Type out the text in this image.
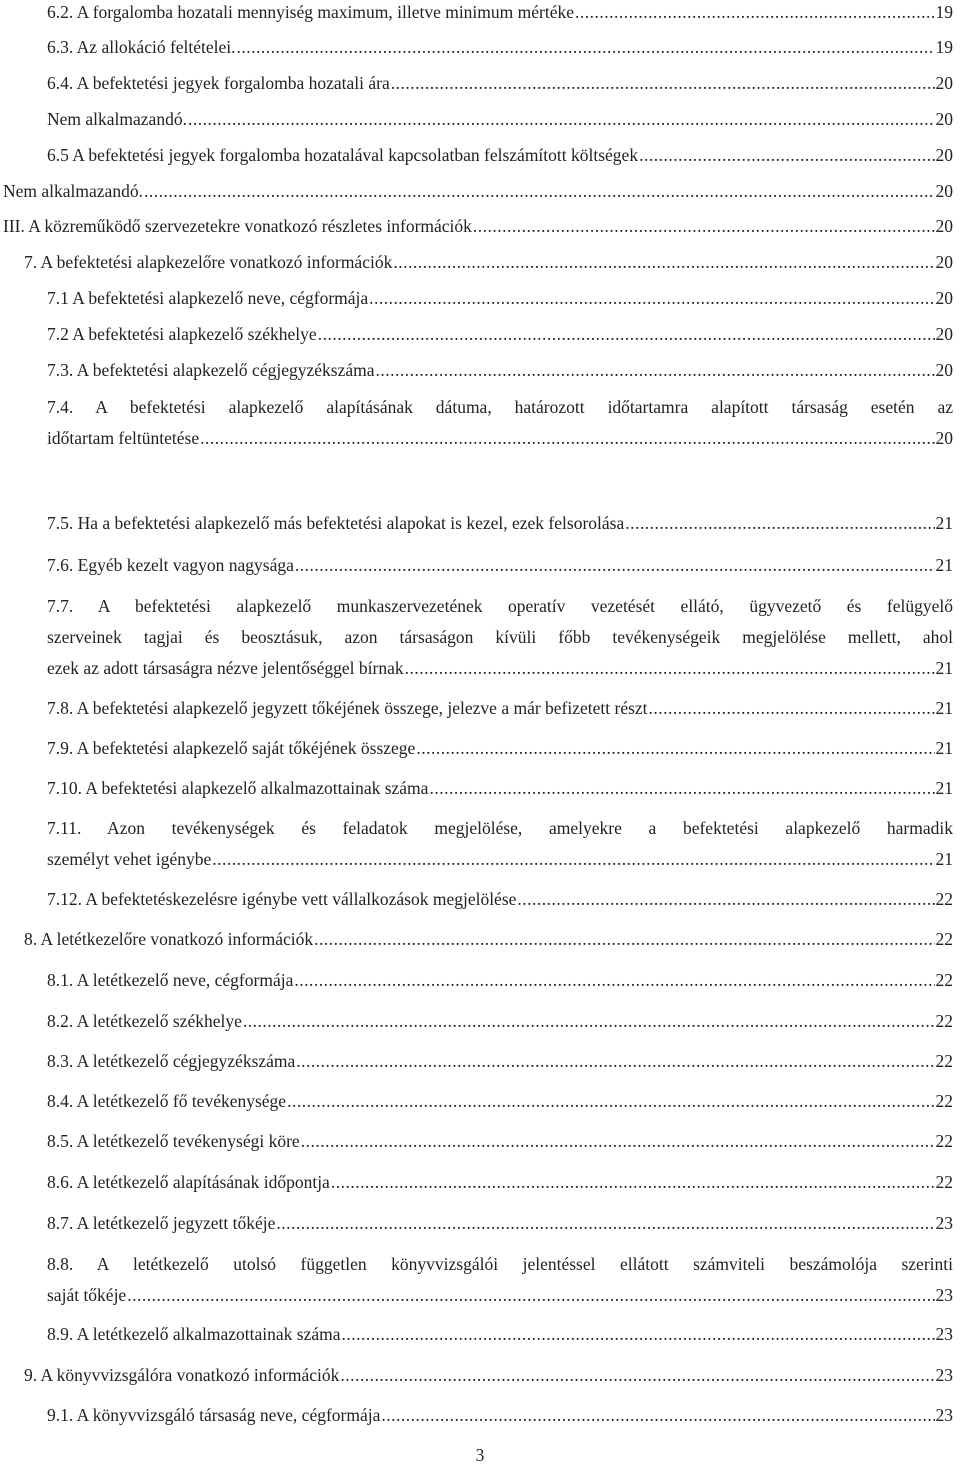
6.2. A forgalomba hozatali mennyiség maximum, illetve minimum mértéke .....	19
6.3. Az allokáció feltételei. .....	19
6.4. A befektetési jegyek forgalomba hozatali ára .....	20
Nem alkalmazandó. .....	20
6.5 A befektetési jegyek forgalomba hozatalával kapcsolatban felszámított költségek .....	20
Nem alkalmazandó. .....	20
III. A közreműködő szervezetekre vonatkozó részletes információk .....	20
7. A befektetési alapkezelőre vonatkozó információk .....	20
7.1 A befektetési alapkezelő neve, cégformája .....	20
7.2 A befektetési alapkezelő székhelye .....	20
7.3. A befektetési alapkezelő cégjegyzékszáma .....	20
7.4. A befektetési alapkezelő alapításának dátuma, határozott időtartamra alapított társaság esetén az
időtartam feltüntetése .....	20
7.5. Ha a befektetési alapkezelő más befektetési alapokat is kezel, ezek felsorolása .....	21
7.6. Egyéb kezelt vagyon nagysága .....	21
7.7. A befektetési alapkezelő munkaszervezetének operatív vezetését ellátó, ügyvezető és felügyelő
szerveinek tagjai és beosztásuk, azon társaságon kívüli főbb tevékenységeik megjelölése mellett, ahol
ezek az adott társaságra nézve jelentőséggel bírnak .....	21
7.8. A befektetési alapkezelő jegyzett tőkéjének összege, jelezve a már befizetett részt .....	21
7.9. A befektetési alapkezelő saját tőkéjének összege .....	21
7.10. A befektetési alapkezelő alkalmazottainak száma .....	21
7.11. Azon tevékenységek és feladatok megjelölése, amelyekre a befektetési alapkezelő harmadik
személyt vehet igénybe .....	21
7.12. A befektetéskezelésre igénybe vett vállalkozások megjelölése .....	22
8. A letétkezelőre vonatkozó információk .....	22
8.1. A letétkezelő neve, cégformája .....	22
8.2. A letétkezelő székhelye .....	22
8.3. A letétkezelő cégjegyzékszáma .....	22
8.4. A letétkezelő fő tevékenysége .....	22
8.5. A letétkezelő tevékenységi köre .....	22
8.6. A letétkezelő alapításának időpontja .....	22
8.7. A letétkezelő jegyzett tőkéje .....	23
8.8. A letétkezelő utolsó független könyvvizsgálói jelentéssel ellátott számviteli beszámolója szerinti
saját tőkéje .....	23
8.9. A letétkezelő alkalmazottainak száma .....	23
9. A könyvvizsgálóra vonatkozó információk .....	23
9.1. A könyvvizsgáló társaság neve, cégformája .....	23
3
